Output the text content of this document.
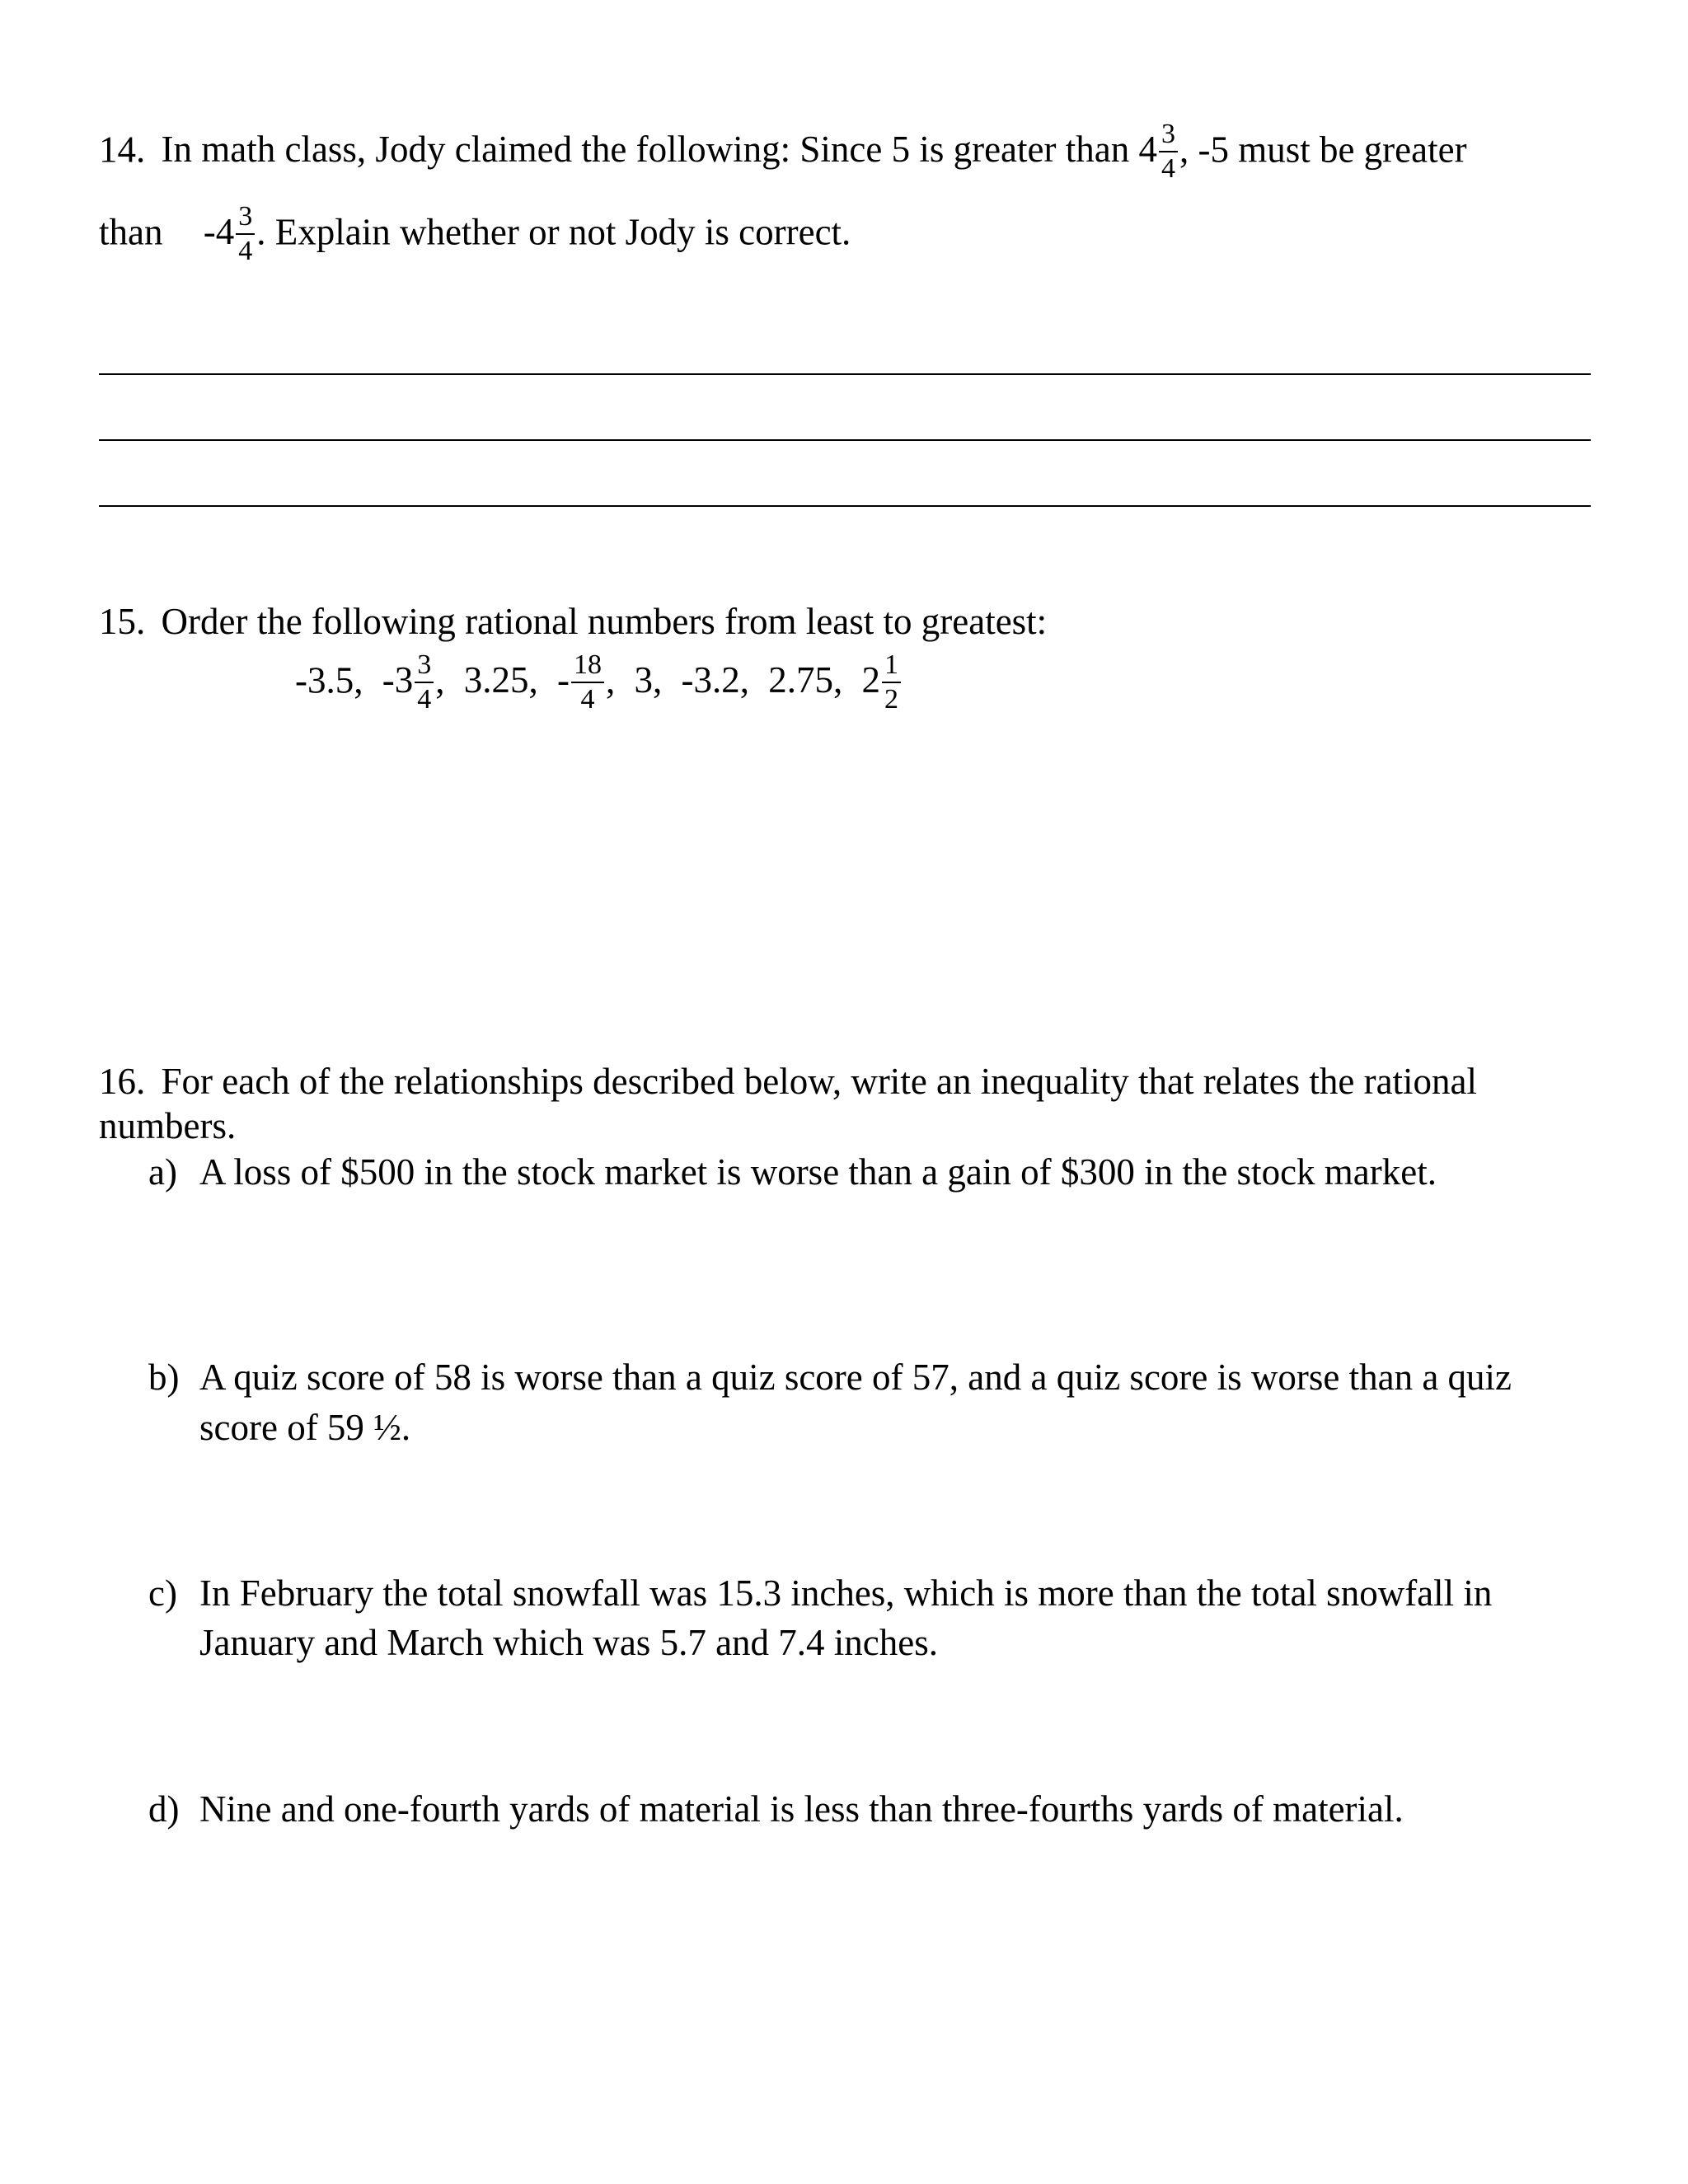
14. In math class, Jody claimed the following: Since 5 is greater than $4 \frac{3}{4}$ , -5 must be greater
than $-4 \frac{3}{4}$ . Explain whether or not Jody is correct.
15. Order the following rational numbers from least to greatest:
-3.5, $-3 \frac{3}{4}$ , 3.25, - $\frac{18}{4}$ , 3, -3.2, 2.75, $2 \frac{1}{2}$
16. For each of the relationships described below, write an inequality that relates the rational
numbers.
a) A loss of $500 in the stock market is worse than a gain of $300 in the stock market.
b) A quiz score of 58 is worse than a quiz score of 57, and a quiz score is worse than a quiz
score of 59 ½.
c) In February the total snowfall was 15.3 inches, which is more than the total snowfall in
January and March which was 5.7 and 7.4 inches.
d) Nine and one-fourth yards of material is less than three-fourths yards of material.
